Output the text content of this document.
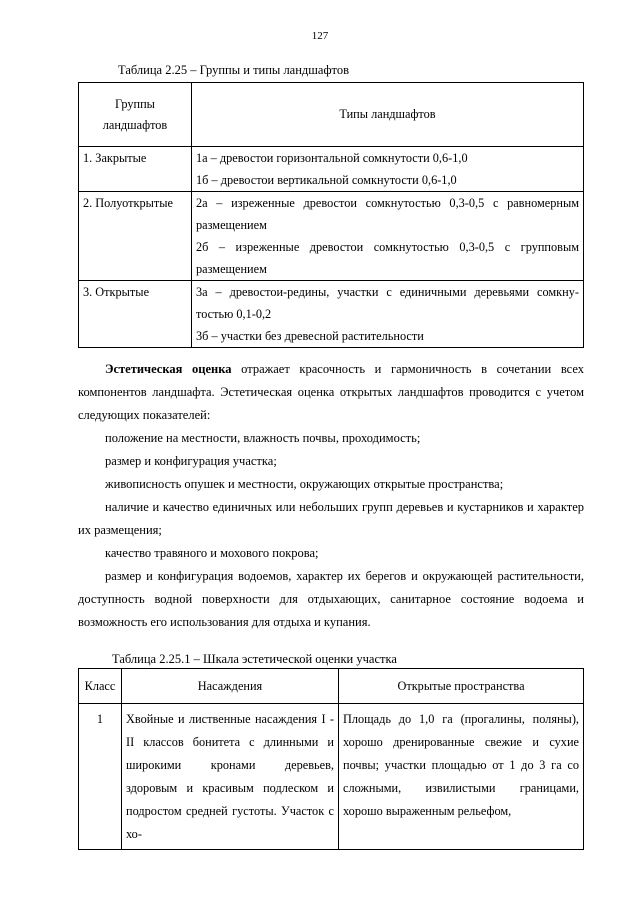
127
Таблица 2.25 – Группы и типы ландшафтов
Группы
ландшафтов	Типы ландшафтов
1. Закрытые	1а – древостои горизонтальной сомкнутости 0,6-1,0
1б – древостои вертикальной сомкнутости 0,6-1,0

2. Полуоткрытые	2а – изреженные древостои сомкнутостью 0,3-0,5 с равномерным размещением
2б – изреженные древостои сомкнутостью 0,3-0,5 с групповым размещением

3. Открытые	3а – древостои-редины, участки с единичными деревьями сомкну-тостью 0,1-0,2
3б – участки без древесной растительности

Эстетическая оценка отражает красочность и гармоничность в сочетании всех компонентов ландшафта. Эстетическая оценка открытых ландшафтов проводится с учетом следующих показателей:

положение на местности, влажность почвы, проходимость;

размер и конфигурация участка;

живописность опушек и местности, окружающих открытые пространства;

наличие и качество единичных или небольших групп деревьев и кустарников и характер их размещения;

качество травяного и мохового покрова;

размер и конфигурация водоемов, характер их берегов и окружающей растительности, доступность водной поверхности для отдыхающих, санитарное состояние водоема и возможность его использования для отдыха и купания.

Таблица 2.25.1 – Шкала эстетической оценки участка
Класс	Насаждения	Открытые пространства
1	Хвойные и лиственные насаждения I - II классов бонитета с длинными и широкими кронами деревьев, здоровым и красивым подлеском и подростом средней густоты. Участок с хо-	Площадь до 1,0 га (прогалины, поляны), хорошо дренированные свежие и сухие почвы; участки площадью от 1 до 3 га со сложными, извилистыми границами, хорошо выраженным рельефом,
